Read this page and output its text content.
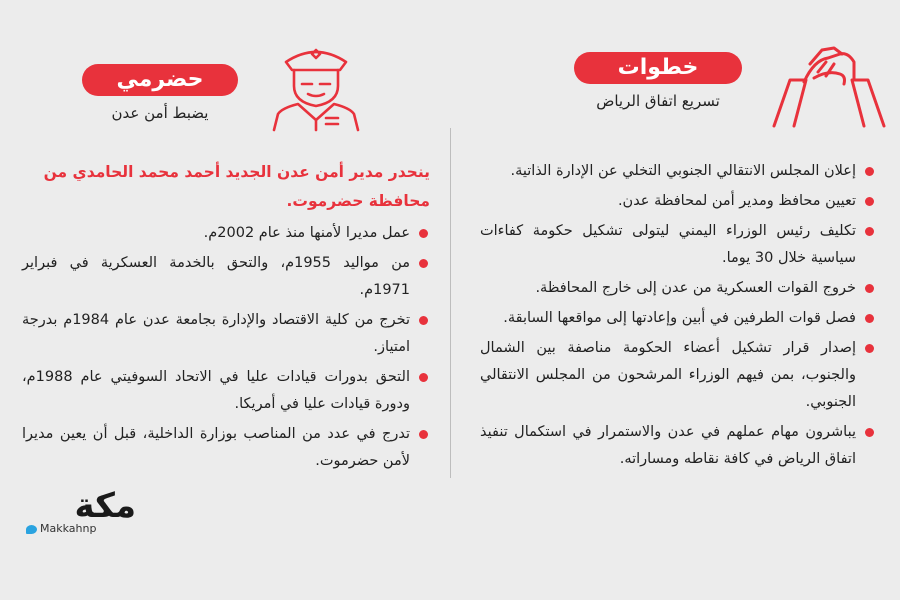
خطوات
تسريع اتفاق الرياض
إعلان المجلس الانتقالي الجنوبي التخلي عن الإدارة الذاتية.
تعيين محافظ ومدير أمن لمحافظة عدن.
تكليف رئيس الوزراء اليمني ليتولى تشكيل حكومة كفاءات سياسية خلال 30 يوما.
خروج القوات العسكرية من عدن إلى خارج المحافظة.
فصل قوات الطرفين في أبين وإعادتها إلى مواقعها السابقة.
إصدار قرار تشكيل أعضاء الحكومة مناصفة بين الشمال والجنوب، بمن فيهم الوزراء المرشحون من المجلس الانتقالي الجنوبي.
يباشرون مهام عملهم في عدن والاستمرار في استكمال تنفيذ اتفاق الرياض في كافة نقاطه ومساراته.
حضرمي
يضبط أمن عدن
ينحدر مدير أمن عدن الجديد أحمد محمد الحامدي من محافظة حضرموت.
عمل مديرا لأمنها منذ عام 2002م.
من مواليد 1955م، والتحق بالخدمة العسكرية في فبراير 1971م.
تخرج من كلية الاقتصاد والإدارة بجامعة عدن عام 1984م بدرجة امتياز.
التحق بدورات قيادات عليا في الاتحاد السوفيتي عام 1988م، ودورة قيادات عليا في أمريكا.
تدرج في عدد من المناصب بوزارة الداخلية، قبل أن يعين مديرا لأمن حضرموت.
مكة
Makkahnp
